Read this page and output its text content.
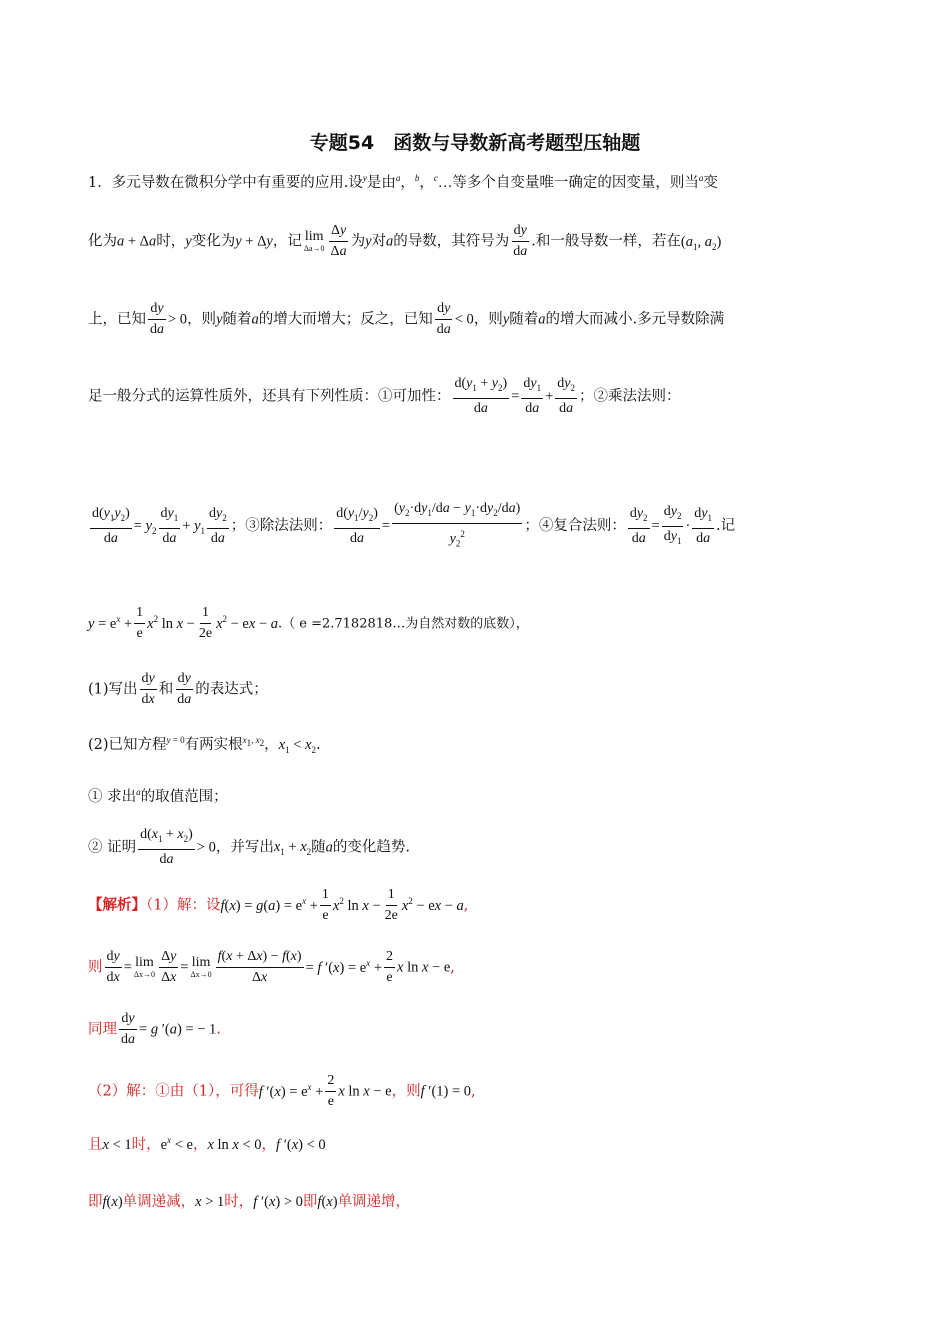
专题54　函数与导数新高考题型压轴题
1．多元导数在微积分学中有重要的应用.设$^y$是由$^a$，$^b$，$^c$…等多个自变量唯一确定的因变量，则当$^a$变
化为a + Δa时，y变化为y + Δy，记 lim
$\Delta a\to 0 \frac{\Delta y}{\Delta a}$ 为y对a的导数，其符号为 $\frac{dy}{da}$ .和一般导数一样，若在($a_1$, $a_2$)
上，已知 $\frac{dy}{da} > 0$，则y随着a的增大而增大；反之，已知 $\frac{dy}{da} < 0$，则y随着a的增大而减小.多元导数除满
足一般分式的运算性质外，还具有下列性质：①可加性： $\frac{d(y_1 + y_2)}{da} = \frac{dy_1}{da} + \frac{dy_2}{da}$ ；②乘法法则：
$\frac{d(y_1y_2)}{da} = y_2 \frac{dy_1}{da} + y_1 \frac{dy_2}{da}$ ；③除法法则： $\frac{d(y_1/y_2)}{da} = \frac{(y_2\cdot dy_1/da - y_1\cdot dy_2/da)}{y_2^2}$ ；④复合法则： $\frac{dy_2}{da} = \frac{dy_2}{dy_1} \cdot \frac{dy_1}{da}$ .记
$y = e^x + \frac{1}{e} x^2$ $\ln x - \frac{1}{2e} x^2$ − ex − a.（ e =2.7182818…为自然对数的底数），
(1)写出 $\frac{dy}{dx}$ 和 $\frac{dy}{da}$ 的表达式；
(2)已知方程$^{y = 0}$有两实根$^{x_1, x_2}$，$x_1 < x_2$.
① 求出$^a$的取值范围；
② 证明 $\frac{d(x_1 + x_2)}{da} > 0$，并写出$x_1 + x_2$随a的变化趋势.
【解析】（1）解：设$f(x) = g(a) = e^x + \frac{1}{e} x^2$ $\ln x - \frac{1}{2e} x^2$ − ex − a,
则 $\frac{dy}{dx} = \lim$
$\Delta x\to 0 \frac{\Delta y}{\Delta x} = \lim$
$\Delta x\to 0 \frac{f(x + \Delta x) - f(x)}{\Delta x} = f$ $'(x) = e^x + \frac{2}{e}$ x ln x − e,
同理 $\frac{dy}{da} = g$ ′(a) = − 1.
（2）解：①由（1），可得f $'(x) = e^x + \frac{2}{e}$ x ln x − e，则f ′(1) = 0,
且x < 1时，$e^x < e$，x ln x < 0，f ′(x) < 0
即f(x)单调递减，x > 1时，f ′(x) > 0即f(x)单调递增，
